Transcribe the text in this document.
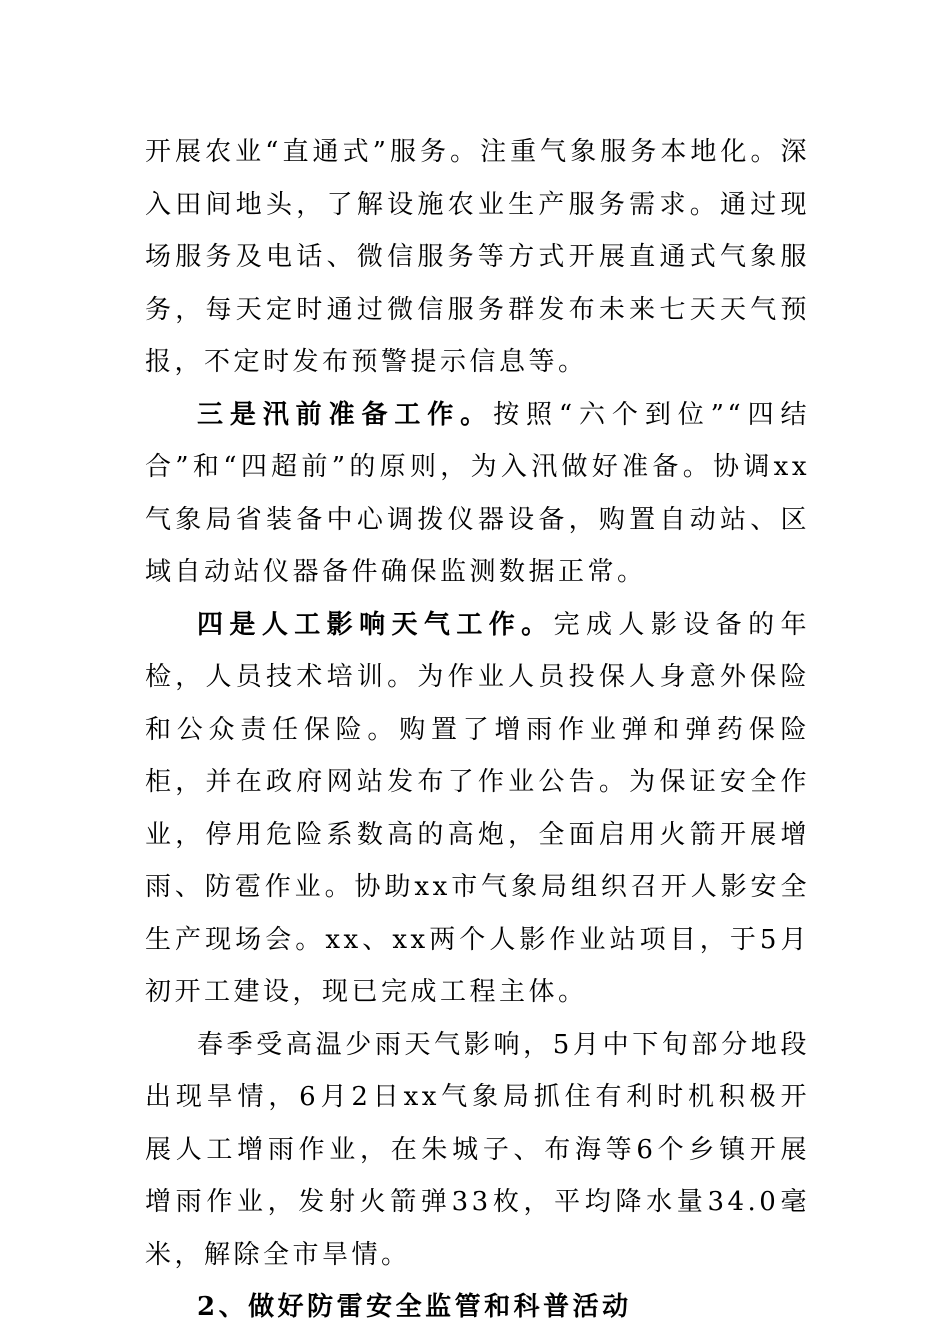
开展农业“直通式”服务。注重气象服务本地化。深入田间地头，了解设施农业生产服务需求。通过现场服务及电话、微信服务等方式开展直通式气象服务，每天定时通过微信服务群发布未来七天天气预报，不定时发布预警提示信息等。

三是汛前准备工作。按照“六个到位”“四结合”和“四超前”的原则，为入汛做好准备。协调xx气象局省装备中心调拨仪器设备，购置自动站、区域自动站仪器备件确保监测数据正常。

四是人工影响天气工作。完成人影设备的年检，人员技术培训。为作业人员投保人身意外保险和公众责任保险。购置了增雨作业弹和弹药保险柜，并在政府网站发布了作业公告。为保证安全作业，停用危险系数高的高炮，全面启用火箭开展增雨、防雹作业。协助xx市气象局组织召开人影安全生产现场会。xx、xx两个人影作业站项目，于5月初开工建设，现已完成工程主体。

春季受高温少雨天气影响，5月中下旬部分地段出现旱情，6月2日xx气象局抓住有利时机积极开展人工增雨作业，在朱城子、布海等6个乡镇开展增雨作业，发射火箭弹33枚，平均降水量34.0毫米，解除全市旱情。

2、做好防雷安全监管和科普活动
